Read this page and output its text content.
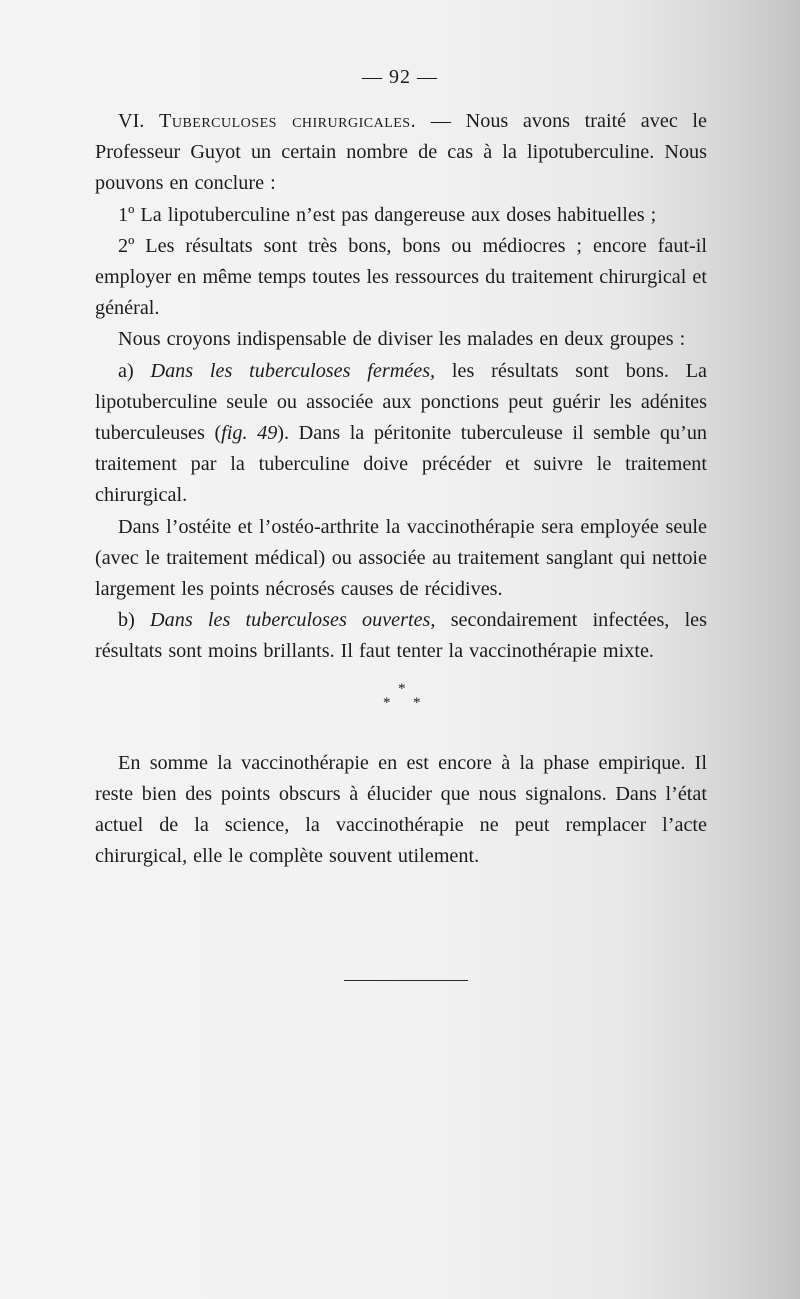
— 92 —

VI. Tuberculoses chirurgicales. — Nous avons traité avec le Professeur Guyot un certain nombre de cas à la lipotuberculine. Nous pouvons en conclure :

1º La lipotuberculine n’est pas dangereuse aux doses habituelles ;

2º Les résultats sont très bons, bons ou médiocres ; encore faut-il employer en même temps toutes les ressources du traitement chirurgical et général.

Nous croyons indispensable de diviser les malades en deux groupes :

a) Dans les tuberculoses fermées, les résultats sont bons. La lipotuberculine seule ou associée aux ponctions peut guérir les adénites tuberculeuses (fig. 49). Dans la péritonite tuberculeuse il semble qu’un traitement par la tuberculine doive précéder et suivre le traitement chirurgical.

Dans l’ostéite et l’ostéo-arthrite la vaccinothérapie sera employée seule (avec le traitement médical) ou associée au traitement sanglant qui nettoie largement les points nécrosés causes de récidives.

b) Dans les tuberculoses ouvertes, secondairement infectées, les résultats sont moins brillants. Il faut tenter la vaccinothérapie mixte.

*
* *

En somme la vaccinothérapie en est encore à la phase empirique. Il reste bien des points obscurs à élucider que nous signalons. Dans l’état actuel de la science, la vaccinothérapie ne peut remplacer l’acte chirurgical, elle le complète souvent utilement.
